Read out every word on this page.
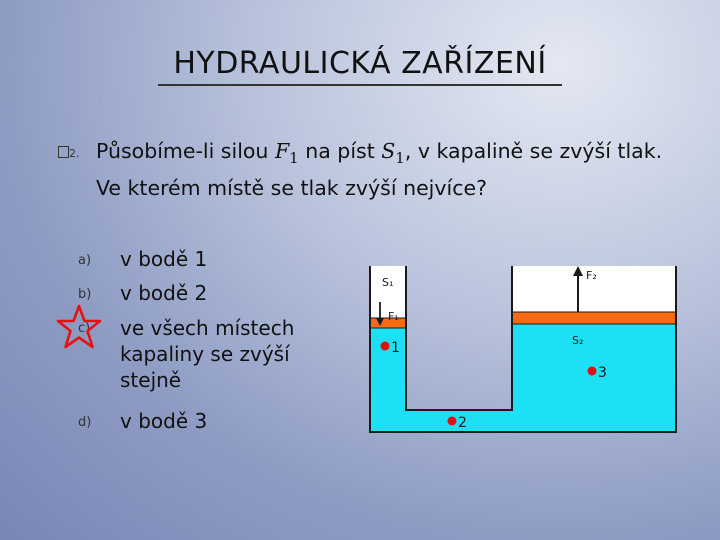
HYDRAULICKÁ ZAŘÍZENÍ
2. Působíme-li silou $F_1$ na píst $S_1$, v kapalině se zvýší tlak. Ve kterém místě se tlak zvýší nejvíce?
a) v bodě 1
b) v bodě 2
c) ve všech místech
kapaliny se zvýší
stejně
d) v bodě 3
S₁
F₁
F₂
S₂
1
2
3
